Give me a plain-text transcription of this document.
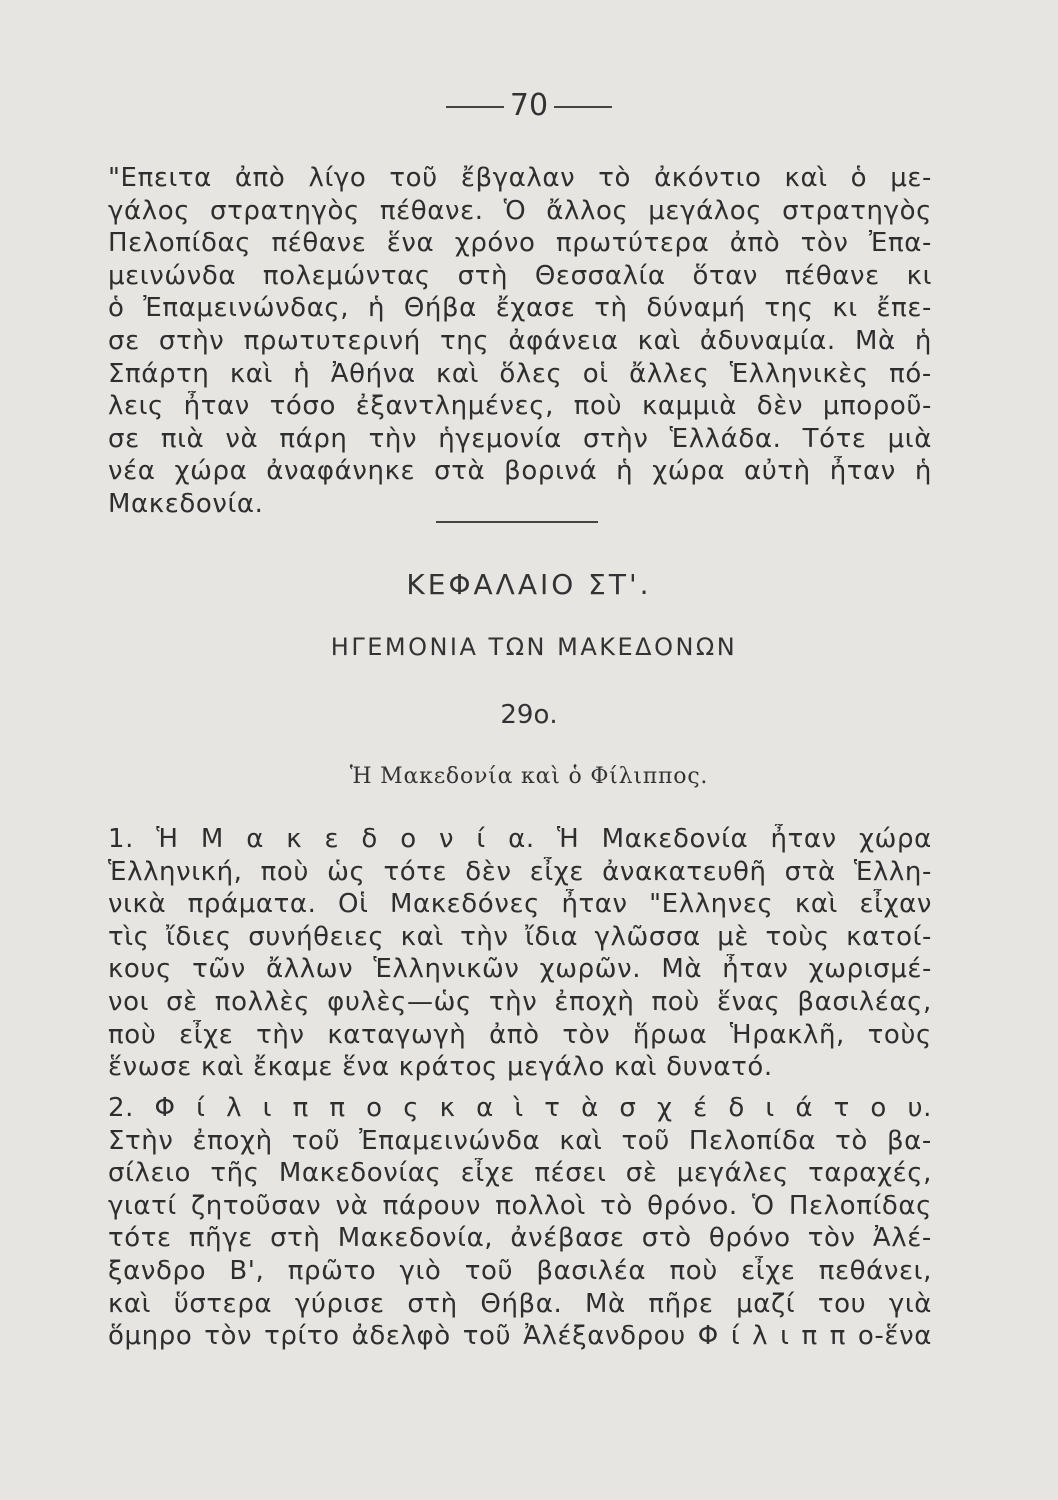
70
"Επειτα ἀπὸ λίγο τοῦ ἔβγαλαν τὸ ἀκόντιο καὶ ὁ με-
γάλος στρατηγὸς πέθανε. Ὁ ἄλλος μεγάλος στρατηγὸς
Πελοπίδας πέθανε ἕνα χρόνο πρωτύτερα ἀπὸ τὸν Ἐπα-
μεινώνδα πολεμώντας στὴ Θεσσαλία ὅταν πέθανε κι
ὁ Ἐπαμεινώνδας, ἡ Θήβα ἔχασε τὴ δύναμή της κι ἔπε-
σε στὴν πρωτυτερινή της ἀφάνεια καὶ ἀδυναμία. Μὰ ἡ
Σπάρτη καὶ ἡ Ἀθήνα καὶ ὅλες οἱ ἄλλες Ἑλληνικὲς πό-
λεις ἦταν τόσο ἐξαντλημένες, ποὺ καμμιὰ δὲν μποροῦ-
σε πιὰ νὰ πάρη τὴν ἡγεμονία στὴν Ἑλλάδα. Τότε μιὰ
νέα χώρα ἀναφάνηκε στὰ βορινά ἡ χώρα αὐτὴ ἦταν ἡ
Μακεδονία.
ΚΕΦΑΛΑΙΟ ΣΤ'.
ΗΓΕΜΟΝΙΑ ΤΩΝ ΜΑΚΕΔΟΝΩΝ
29ο.
Ἡ Μακεδονία καὶ ὁ Φίλιππος.
1. Ἡ Μ α κ ε δ ο ν ί α. Ἡ Μακεδονία ἦταν χώρα
Ἑλληνική, ποὺ ὡς τότε δὲν εἶχε ἀνακατευθῆ στὰ Ἑλλη-
νικὰ πράματα. Οἱ Μακεδόνες ἦταν "Ελληνες καὶ εἶχαν
τὶς ἴδιες συνήθειες καὶ τὴν ἴδια γλῶσσα μὲ τοὺς κατοί-
κους τῶν ἄλλων Ἑλληνικῶν χωρῶν. Μὰ ἦταν χωρισμέ-
νοι σὲ πολλὲς φυλὲς—ὡς τὴν ἐποχὴ ποὺ ἕνας βασιλέας,
ποὺ εἶχε τὴν καταγωγὴ ἀπὸ τὸν ἥρωα Ἡρακλῆ, τοὺς
ἕνωσε καὶ ἔκαμε ἕνα κράτος μεγάλο καὶ δυνατό.
2. Φ ί λ ι π π ο ς κ α ὶ τ ὰ σ χ έ δ ι ά τ ο υ.
Στὴν ἐποχὴ τοῦ Ἐπαμεινώνδα καὶ τοῦ Πελοπίδα τὸ βα-
σίλειο τῆς Μακεδονίας εἶχε πέσει σὲ μεγάλες ταραχές,
γιατί ζητοῦσαν νὰ πάρουν πολλοὶ τὸ θρόνο. Ὁ Πελοπίδας
τότε πῆγε στὴ Μακεδονία, ἀνέβασε στὸ θρόνο τὸν Ἀλέ-
ξανδρο Β', πρῶτο γιὸ τοῦ βασιλέα ποὺ εἶχε πεθάνει,
καὶ ὕστερα γύρισε στὴ Θήβα. Μὰ πῆρε μαζί του γιὰ
ὅμηρο τὸν τρίτο ἀδελφὸ τοῦ Ἀλέξανδρου Φ ί λ ι π π ο-ἕνα
